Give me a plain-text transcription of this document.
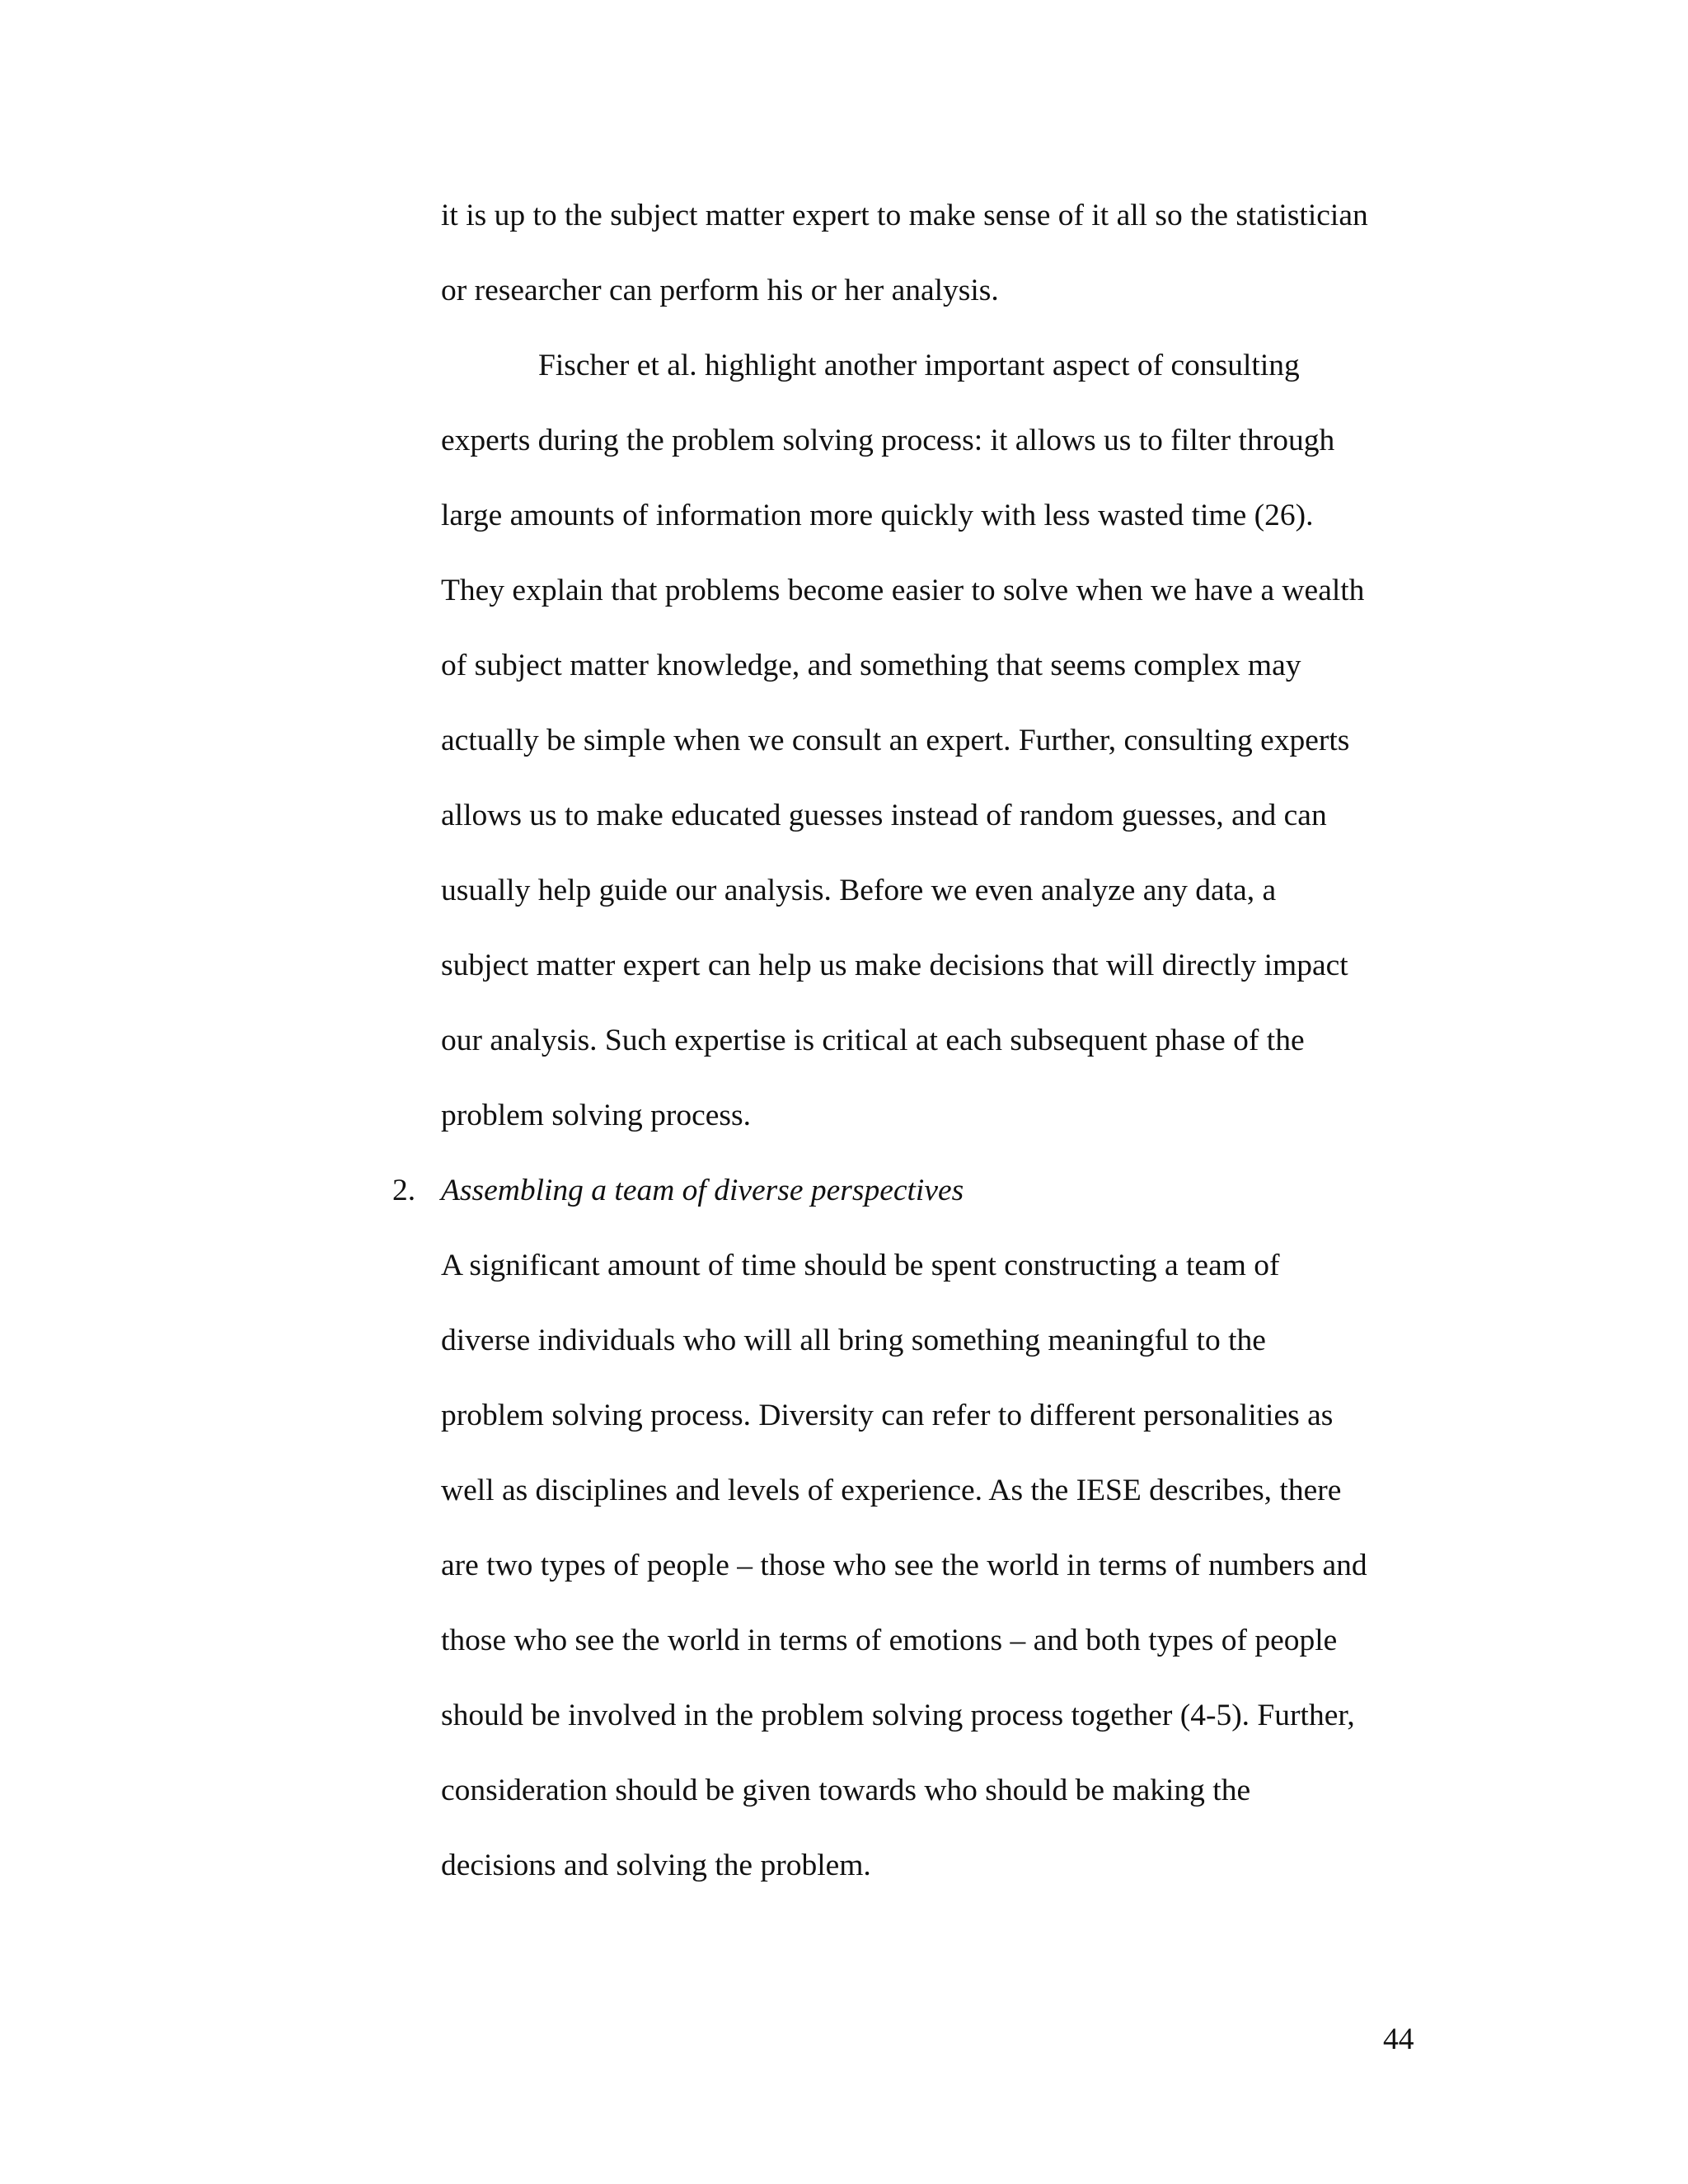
it is up to the subject matter expert to make sense of it all so the statistician
or researcher can perform his or her analysis.
Fischer et al. highlight another important aspect of consulting
experts during the problem solving process: it allows us to filter through
large amounts of information more quickly with less wasted time (26).
They explain that problems become easier to solve when we have a wealth
of subject matter knowledge, and something that seems complex may
actually be simple when we consult an expert. Further, consulting experts
allows us to make educated guesses instead of random guesses, and can
usually help guide our analysis. Before we even analyze any data, a
subject matter expert can help us make decisions that will directly impact
our analysis. Such expertise is critical at each subsequent phase of the
problem solving process.
2. Assembling a team of diverse perspectives
A significant amount of time should be spent constructing a team of
diverse individuals who will all bring something meaningful to the
problem solving process. Diversity can refer to different personalities as
well as disciplines and levels of experience. As the IESE describes, there
are two types of people – those who see the world in terms of numbers and
those who see the world in terms of emotions – and both types of people
should be involved in the problem solving process together (4-5). Further,
consideration should be given towards who should be making the
decisions and solving the problem.
44
